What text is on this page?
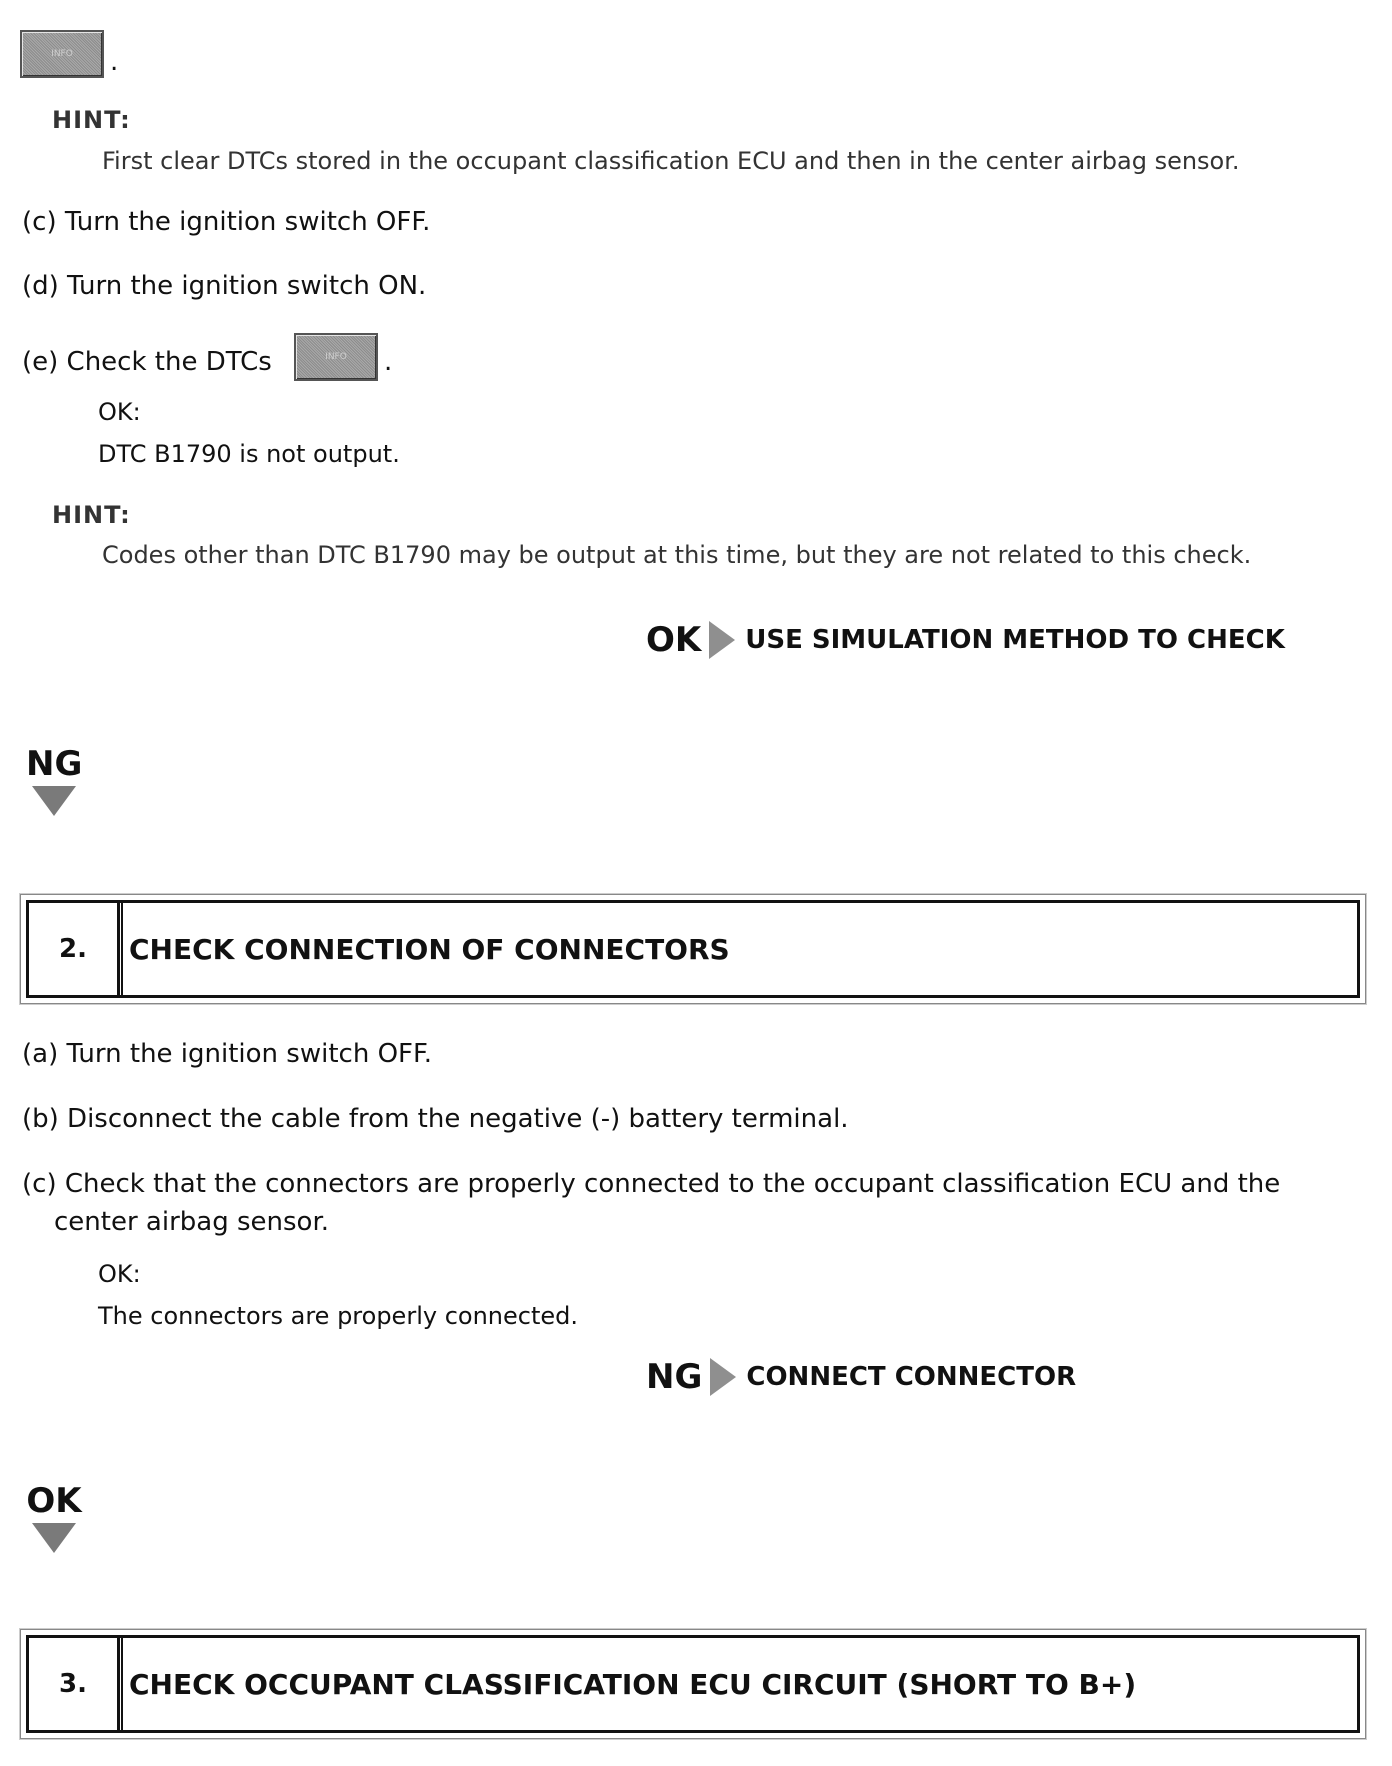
INFO	.
HINT:
First clear DTCs stored in the occupant classification ECU and then in the center airbag sensor.
(c) Turn the ignition switch OFF.
(d) Turn the ignition switch ON.
(e) Check the DTCs	INFO	.
OK:
DTC B1790 is not output.
HINT:
Codes other than DTC B1790 may be output at this time, but they are not related to this check.
OK USE SIMULATION METHOD TO CHECK
NG
2.	CHECK CONNECTION OF CONNECTORS
(a) Turn the ignition switch OFF.
(b) Disconnect the cable from the negative (-) battery terminal.
(c) Check that the connectors are properly connected to the occupant classification ECU and the
center airbag sensor.
OK:
The connectors are properly connected.
NG CONNECT CONNECTOR
OK
3.	CHECK OCCUPANT CLASSIFICATION ECU CIRCUIT (SHORT TO B+)
